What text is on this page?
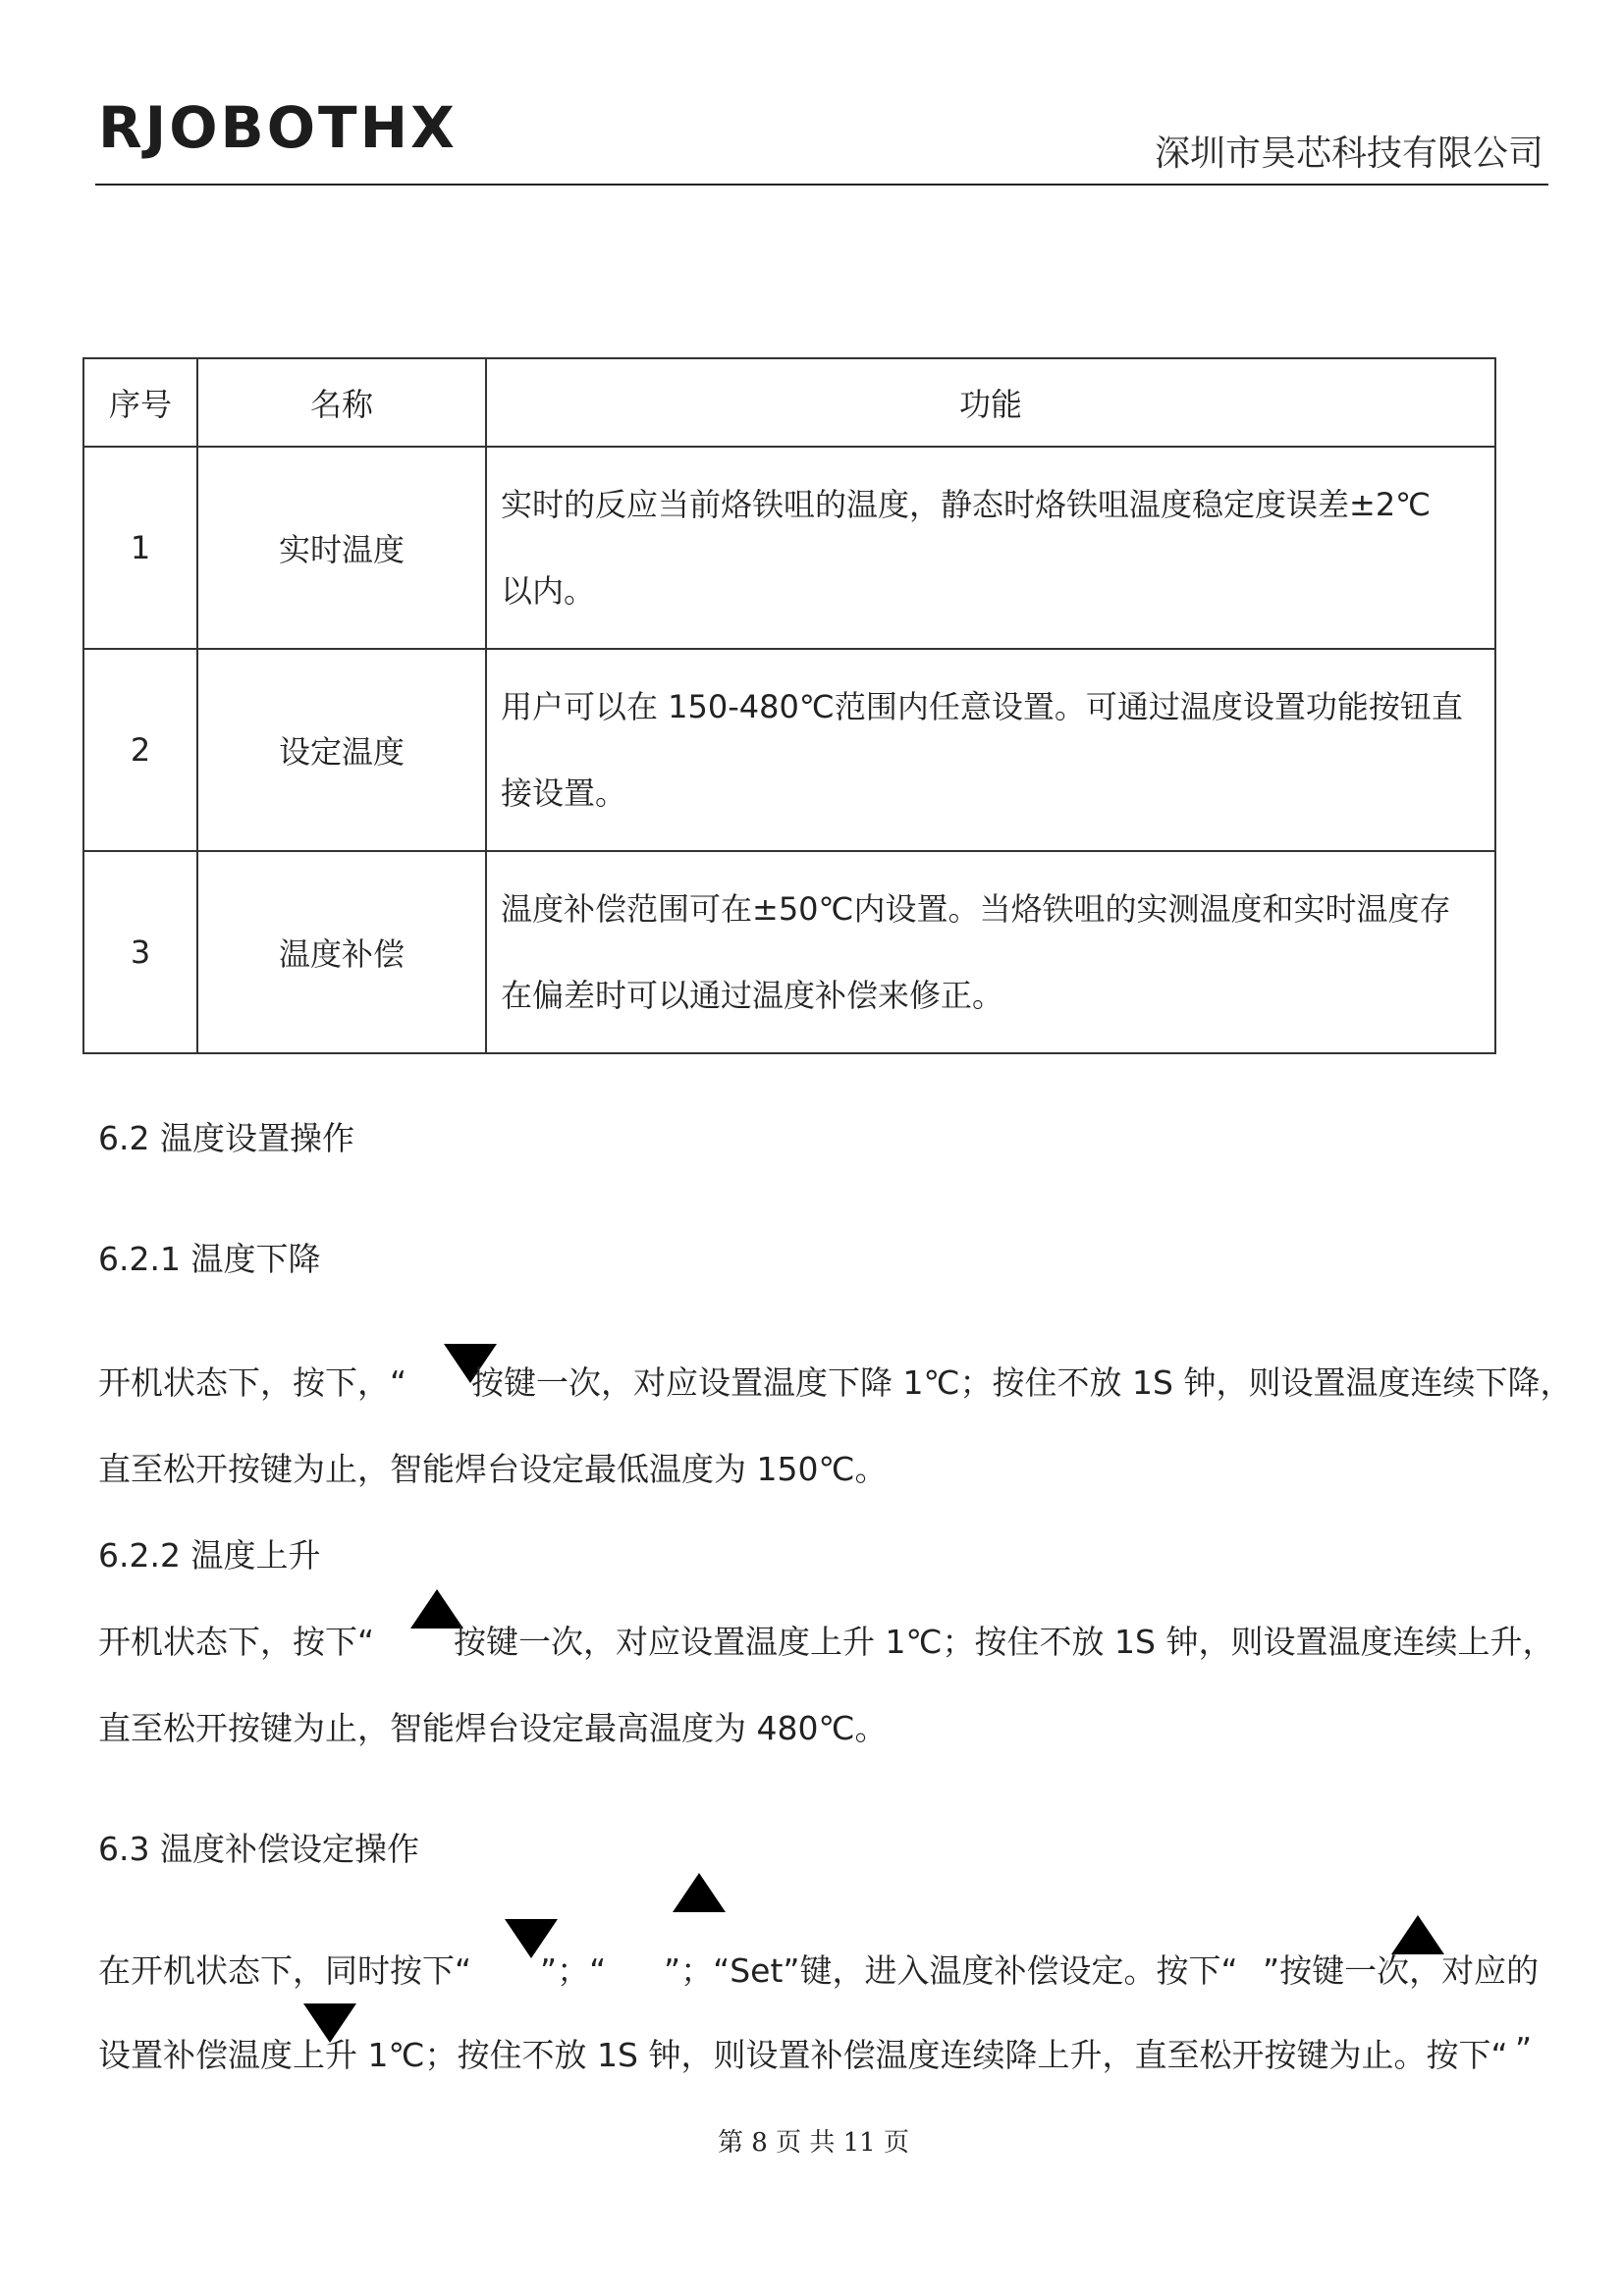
RJOBOTHX	深圳市昊芯科技有限公司
序号	名称	功能
1	实时温度	实时的反应当前烙铁咀的温度，静态时烙铁咀温度稳定度误差±2℃
以内。

2	设定温度	用户可以在 150-480℃范围内任意设置。可通过温度设置功能按钮直
接设置。

3	温度补偿	温度补偿范围可在±50℃内设置。当烙铁咀的实测温度和实时温度存
在偏差时可以通过温度补偿来修正。
6.2 温度设置操作
6.2.1 温度下降
开机状态下，按下，“ 按键一次，对应设置温度下降 1℃；按住不放 1S 钟，则设置温度连续下降，
直至松开按键为止，智能焊台设定最低温度为 150℃。
6.2.2 温度上升
开机状态下，按下“ 按键一次，对应设置温度上升 1℃；按住不放 1S 钟，则设置温度连续上升，
直至松开按键为止，智能焊台设定最高温度为 480℃。
6.3 温度补偿设定操作
在开机状态下，同时按下“ ”；“ ”；“Set”键，进入温度补偿设定。按下“ ”按键一次，对应的
设置补偿温度上升 1℃；按住不放 1S 钟，则设置补偿温度连续降上升，直至松开按键为止。按下“ ”
第 8 页 共 11 页
